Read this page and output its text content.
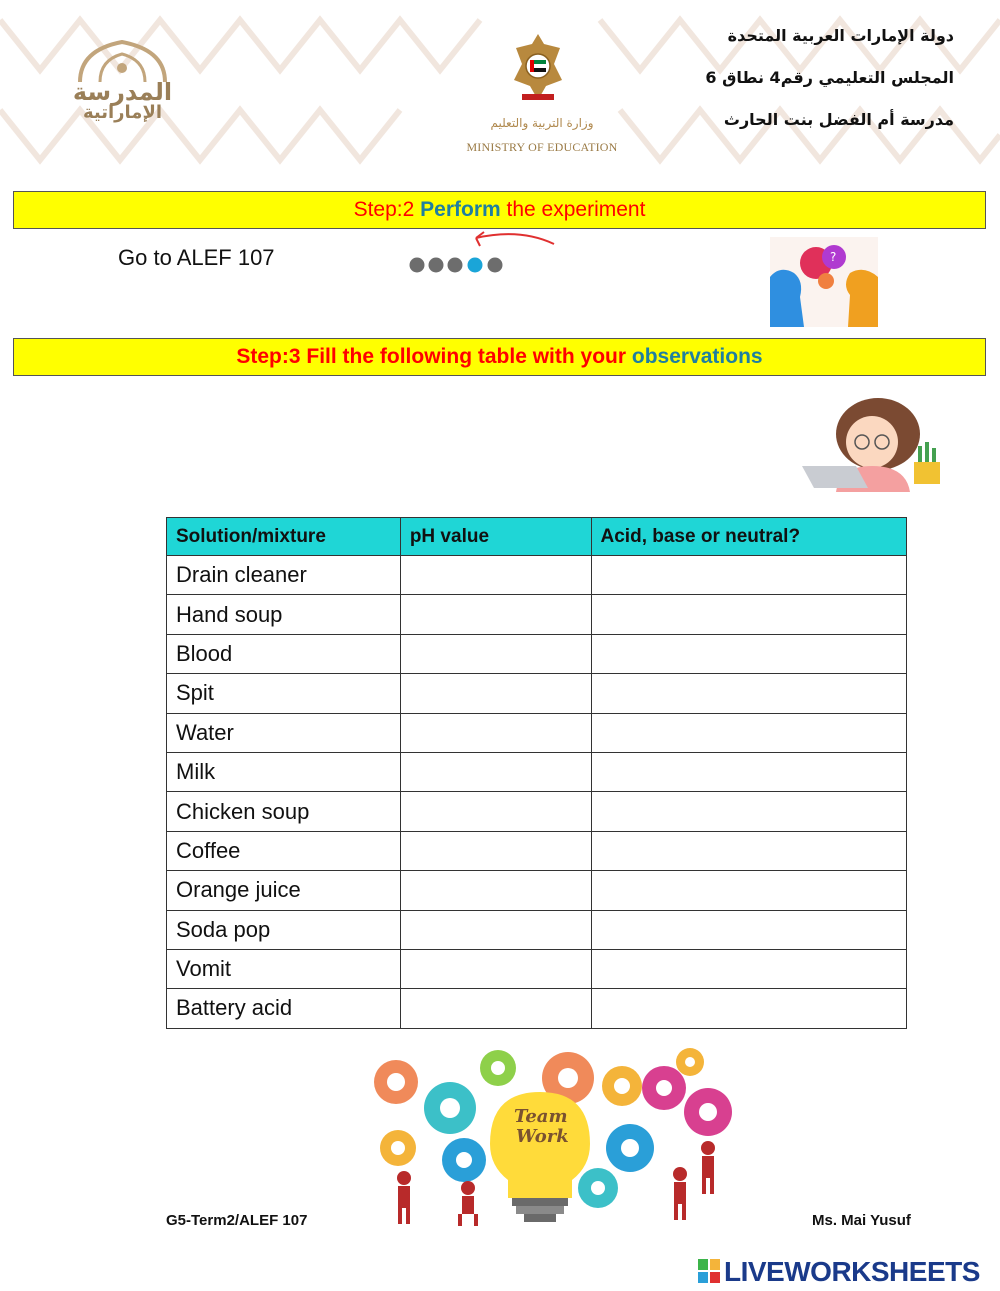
المدرسة
الإماراتية	وزارة التربية والتعليم
MINISTRY OF EDUCATION
دولة الإمارات العربية المتحدة
المجلس التعليمي رقم4 نطاق 6
مدرسة أم الفضل بنت الحارث
Step:2 Perform the experiment
Go to ALEF 107	?
Step:3 Fill the following table with your observations
Solution/mixture	pH value	Acid, base or neutral?
Drain cleaner		
Hand soup		
Blood		
Spit		
Water		
Milk		
Chicken soup		
Coffee		
Orange juice		
Soda pop		
Vomit		
Battery acid		
Team
Work
G5-Term2/ALEF 107	Ms. Mai Yusuf
LIVEWORKSHEETS
